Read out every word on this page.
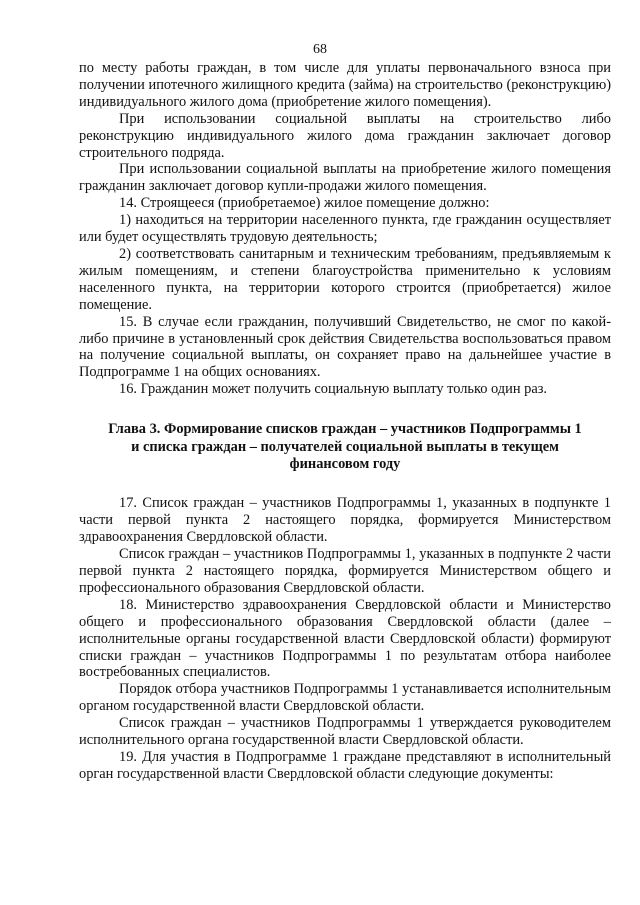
68

по месту работы граждан, в том числе для уплаты первоначального взноса при получении ипотечного жилищного кредита (займа) на строительство (реконструкцию) индивидуального жилого дома (приобретение жилого помещения).

При использовании социальной выплаты на строительство либо реконструкцию индивидуального жилого дома гражданин заключает договор строительного подряда.

При использовании социальной выплаты на приобретение жилого помещения гражданин заключает договор купли-продажи жилого помещения.

14. Строящееся (приобретаемое) жилое помещение должно:

1) находиться на территории населенного пункта, где гражданин осуществляет или будет осуществлять трудовую деятельность;

2) соответствовать санитарным и техническим требованиям, предъявляемым к жилым помещениям, и степени благоустройства применительно к условиям населенного пункта, на территории которого строится (приобретается) жилое помещение.

15. В случае если гражданин, получивший Свидетельство, не смог по какой-либо причине в установленный срок действия Свидетельства воспользоваться правом на получение социальной выплаты, он сохраняет право на дальнейшее участие в Подпрограмме 1 на общих основаниях.

16. Гражданин может получить социальную выплату только один раз.

Глава 3. Формирование списков граждан – участников Подпрограммы 1
и списка граждан – получателей социальной выплаты в текущем
финансовом году

17. Список граждан – участников Подпрограммы 1, указанных в подпункте 1 части первой пункта 2 настоящего порядка, формируется Министерством здравоохранения Свердловской области.

Список граждан – участников Подпрограммы 1, указанных в подпункте 2 части первой пункта 2 настоящего порядка, формируется Министерством общего и профессионального образования Свердловской области.

18. Министерство здравоохранения Свердловской области и Министерство общего и профессионального образования Свердловской области (далее – исполнительные органы государственной власти Свердловской области) формируют списки граждан – участников Подпрограммы 1 по результатам отбора наиболее востребованных специалистов.

Порядок отбора участников Подпрограммы 1 устанавливается исполнительным органом государственной власти Свердловской области.

Список граждан – участников Подпрограммы 1 утверждается руководителем исполнительного органа государственной власти Свердловской области.

19. Для участия в Подпрограмме 1 граждане представляют в исполнительный орган государственной власти Свердловской области следующие документы:
